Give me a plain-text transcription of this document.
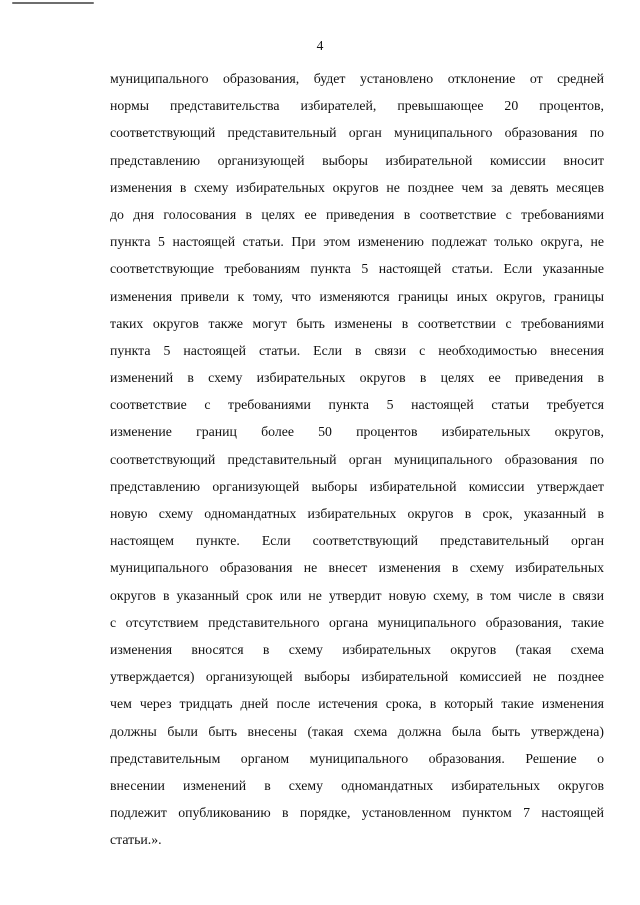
4

муниципального образования, будет установлено отклонение от средней
нормы представительства избирателей, превышающее 20 процентов,
соответствующий представительный орган муниципального образования по
представлению организующей выборы избирательной комиссии вносит
изменения в схему избирательных округов не позднее чем за девять месяцев
до дня голосования в целях ее приведения в соответствие с требованиями
пункта 5 настоящей статьи. При этом изменению подлежат только округа, не
соответствующие требованиям пункта 5 настоящей статьи. Если указанные
изменения привели к тому, что изменяются границы иных округов, границы
таких округов также могут быть изменены в соответствии с требованиями
пункта 5 настоящей статьи. Если в связи с необходимостью внесения
изменений в схему избирательных округов в целях ее приведения в
соответствие с требованиями пункта 5 настоящей статьи требуется
изменение границ более 50 процентов избирательных округов,
соответствующий представительный орган муниципального образования по
представлению организующей выборы избирательной комиссии утверждает
новую схему одномандатных избирательных округов в срок, указанный в
настоящем пункте. Если соответствующий представительный орган
муниципального образования не внесет изменения в схему избирательных
округов в указанный срок или не утвердит новую схему, в том числе в связи
с отсутствием представительного органа муниципального образования, такие
изменения вносятся в схему избирательных округов (такая схема
утверждается) организующей выборы избирательной комиссией не позднее
чем через тридцать дней после истечения срока, в который такие изменения
должны были быть внесены (такая схема должна была быть утверждена)
представительным органом муниципального образования. Решение о
внесении изменений в схему одномандатных избирательных округов
подлежит опубликованию в порядке, установленном пунктом 7 настоящей
статьи.».
